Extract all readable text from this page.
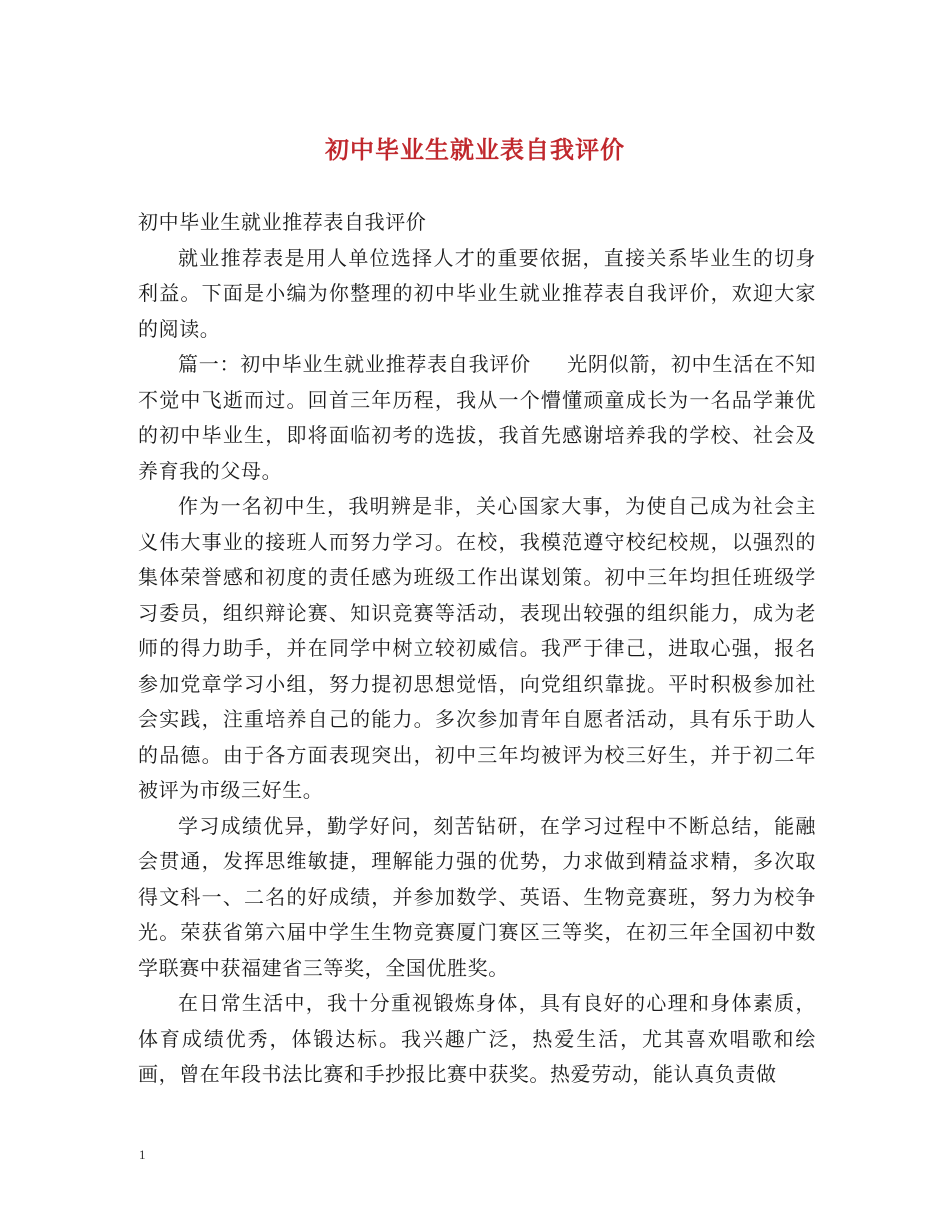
初中毕业生就业表自我评价

初中毕业生就业推荐表自我评价

就业推荐表是用人单位选择人才的重要依据，直接关系毕业生的切身利益。下面是小编为你整理的初中毕业生就业推荐表自我评价，欢迎大家的阅读。

篇一：初中毕业生就业推荐表自我评价 光阴似箭，初中生活在不知不觉中飞逝而过。回首三年历程，我从一个懵懂顽童成长为一名品学兼优的初中毕业生，即将面临初考的选拔，我首先感谢培养我的学校、社会及养育我的父母。

作为一名初中生，我明辨是非，关心国家大事，为使自己成为社会主义伟大事业的接班人而努力学习。在校，我模范遵守校纪校规，以强烈的集体荣誉感和初度的责任感为班级工作出谋划策。初中三年均担任班级学习委员，组织辩论赛、知识竞赛等活动，表现出较强的组织能力，成为老师的得力助手，并在同学中树立较初威信。我严于律己，进取心强，报名参加党章学习小组，努力提初思想觉悟，向党组织靠拢。平时积极参加社会实践，注重培养自己的能力。多次参加青年自愿者活动，具有乐于助人的品德。由于各方面表现突出，初中三年均被评为校三好生，并于初二年被评为市级三好生。

学习成绩优异，勤学好问，刻苦钻研，在学习过程中不断总结，能融会贯通，发挥思维敏捷，理解能力强的优势，力求做到精益求精，多次取得文科一、二名的好成绩，并参加数学、英语、生物竞赛班，努力为校争光。荣获省第六届中学生生物竞赛厦门赛区三等奖，在初三年全国初中数学联赛中获福建省三等奖，全国优胜奖。

在日常生活中，我十分重视锻炼身体，具有良好的心理和身体素质，体育成绩优秀，体锻达标。我兴趣广泛，热爱生活，尤其喜欢唱歌和绘画，曾在年段书法比赛和手抄报比赛中获奖。热爱劳动，能认真负责做

1
